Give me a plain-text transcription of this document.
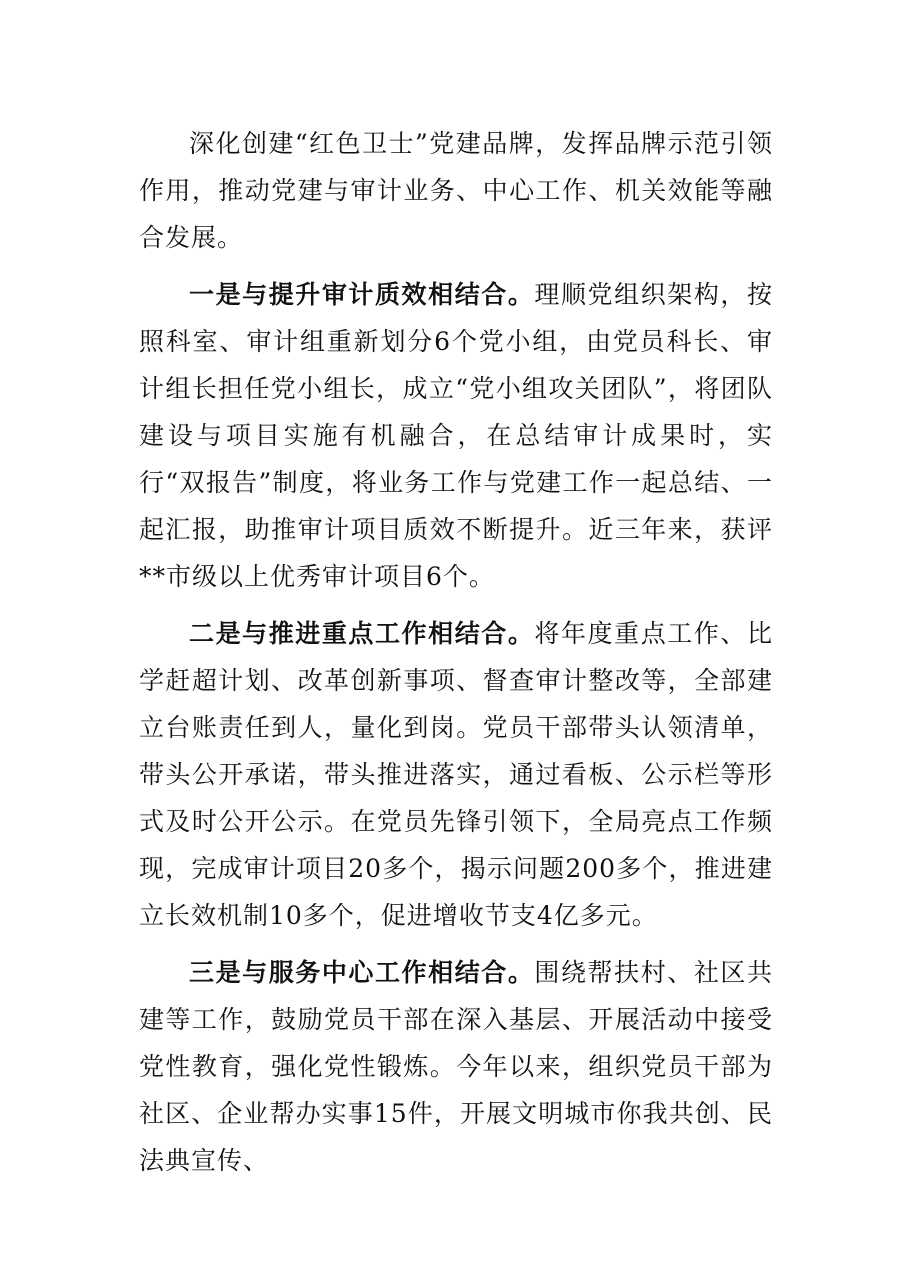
深化创建“红色卫士”党建品牌，发挥品牌示范引领作用，推动党建与审计业务、中心工作、机关效能等融合发展。

一是与提升审计质效相结合。理顺党组织架构，按照科室、审计组重新划分6个党小组，由党员科长、审计组长担任党小组长，成立“党小组攻关团队”，将团队建设与项目实施有机融合，在总结审计成果时，实行“双报告”制度，将业务工作与党建工作一起总结、一起汇报，助推审计项目质效不断提升。近三年来，获评**市级以上优秀审计项目6个。

二是与推进重点工作相结合。将年度重点工作、比学赶超计划、改革创新事项、督查审计整改等，全部建立台账责任到人，量化到岗。党员干部带头认领清单，带头公开承诺，带头推进落实，通过看板、公示栏等形式及时公开公示。在党员先锋引领下，全局亮点工作频现，完成审计项目20多个，揭示问题200多个，推进建立长效机制10多个，促进增收节支4亿多元。

三是与服务中心工作相结合。围绕帮扶村、社区共建等工作，鼓励党员干部在深入基层、开展活动中接受党性教育，强化党性锻炼。今年以来，组织党员干部为社区、企业帮办实事15件，开展文明城市你我共创、民法典宣传、
